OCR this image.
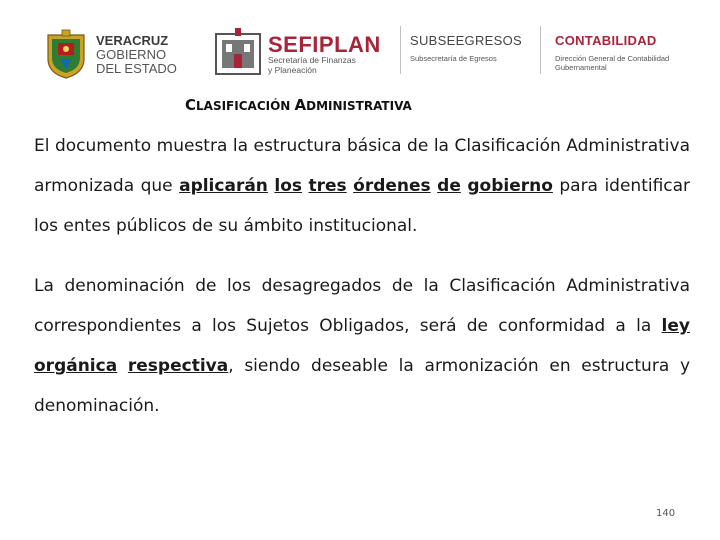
VERACRUZ
GOBIERNO
DEL ESTADO
SEFIPLAN
Secretaría de Finanzas
y Planeación
SUBSEEGRESOS
Subsecretaría de Egresos
CONTABILIDAD
Dirección General de Contabilidad Gubernamental
CLASIFICACIÓN ADMINISTRATIVA
El documento muestra la estructura básica de la Clasificación Administrativa armonizada que aplicarán los tres órdenes de gobierno para identificar los entes públicos de su ámbito institucional.
La denominación de los desagregados de la Clasificación Administrativa correspondientes a los Sujetos Obligados, será de conformidad a la ley orgánica respectiva, siendo deseable la armonización en estructura y denominación.
140
